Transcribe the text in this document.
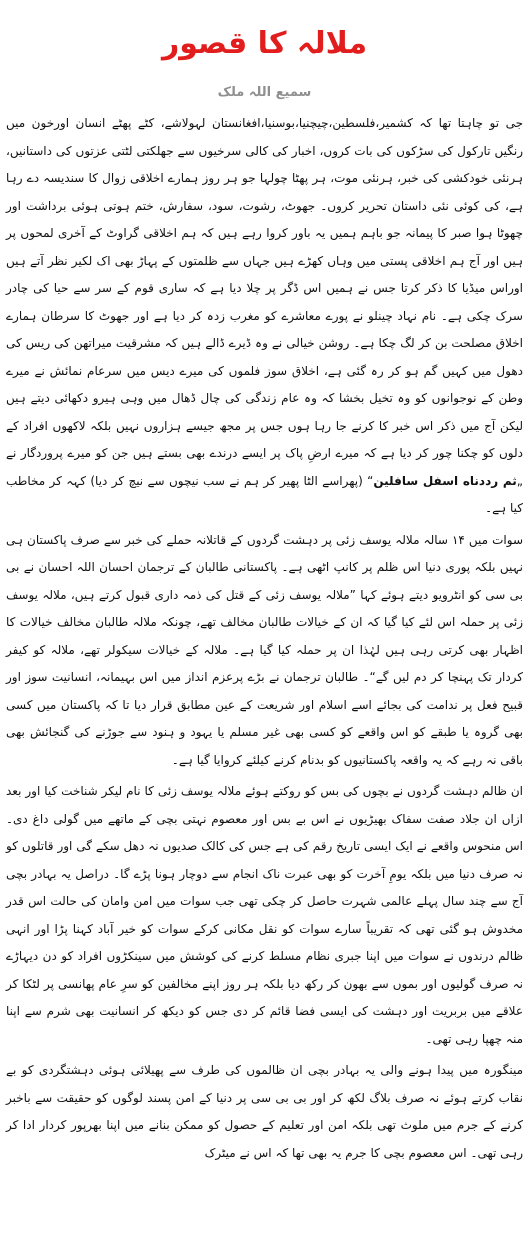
ملالہ کا قصور
سمیع اللہ ملک

جی تو چاہتا تھا کہ کشمیر،فلسطین،چیچنیا،بوسنیا،افغانستان لہولاشے، کٹے پھٹے انسان اورخون میں رنگیں تارکول کی سڑکوں کی بات کروں، اخبار کی کالی سرخیوں سے جھلکتی لٹتی عزتوں کی داستانیں، ہرنئی خودکشی کی خبر، ہرنئی موت، ہر پھٹا چولہا جو ہر روز ہمارے اخلاقی زوال کا سندیسہ دے رہا ہے، کی کوئی نئی داستان تحریر کروں۔ جھوٹ، رشوت، سود، سفارش، ختم ہوتی ہوئی برداشت اور چھوٹا ہوا صبر کا پیمانہ جو باہم ہمیں یہ باور کروا رہے ہیں کہ ہم اخلاقی گراوٹ کے آخری لمحوں پر ہیں اور آج ہم اخلاقی پستی میں وہاں کھڑے ہیں جہاں سے ظلمتوں کے پہاڑ بھی اک لکیر نظر آتے ہیں اوراس میڈیا کا ذکر کرتا جس نے ہمیں اس ڈگر پر چلا دیا ہے کہ ساری قوم کے سر سے حیا کی چادر سرک چکی ہے۔ نام نہاد چینلو نے پورے معاشرے کو مغرب زدہ کر دیا ہے اور جھوٹ کا سرطان ہمارے اخلاق مصلحت بن کر لگ چکا ہے۔ روشن خیالی نے وہ ڈیرے ڈالے ہیں کہ مشرقیت میراتھن کی ریس کی دھول میں کہیں گم ہو کر رہ گئی ہے، اخلاق سوز فلموں کی میرے دیس میں سرعام نمائش نے میرے وطن کے نوجوانوں کو وہ تخیل بخشا کہ وہ عام زندگی کی چال ڈھال میں وہی ہیرو دکھائی دیتے ہیں لیکن آج میں ذکر اس خبر کا کرنے جا رہا ہوں جس پر مجھ جیسے ہزاروں نہیں بلکہ لاکھوں افراد کے دلوں کو چکنا چور کر دیا ہے کہ میرے ارضِ پاک پر ایسے درندے بھی بستے ہیں جن کو میرے پروردگار نے „ثم رددناه اسفل سافلین“ (پھراسے الٹا پھیر کر ہم نے سب نیچوں سے نیچ کر دیا) کہہ کر مخاطب کیا ہے۔

سوات میں ۱۴ سالہ ملالہ یوسف زئی پر دہشت گردوں کے قاتلانہ حملے کی خبر سے صرف پاکستان ہی نہیں بلکہ پوری دنیا اس ظلم پر کانپ اٹھی ہے۔ پاکستانی طالبان کے ترجمان احسان اللہ احسان نے بی بی سی کو انٹرویو دیتے ہوئے کہا ”ملالہ یوسف زئی کے قتل کی ذمہ داری قبول کرتے ہیں، ملالہ یوسف زئی پر حملہ اس لئے کیا گیا کہ ان کے خیالات طالبان مخالف تھے، چونکہ ملالہ طالبان مخالف خیالات کا اظہار بھی کرتی رہی ہیں لہٰذا ان پر حملہ کیا گیا ہے۔ ملالہ کے خیالات سیکولر تھے، ملالہ کو کیفر کردار تک پہنچا کر دم لیں گے“۔ طالبان ترجمان نے بڑے پرعزم انداز میں اس بہیمانہ، انسانیت سوز اور قبیح فعل پر ندامت کی بجائے اسے اسلام اور شریعت کے عین مطابق قرار دیا تا کہ پاکستان میں کسی بھی گروہ یا طبقے کو اس واقعے کو کسی بھی غیر مسلم یا یہود و ہنود سے جوڑنے کی گنجائش بھی باقی نہ رہے کہ یہ واقعہ پاکستانیوں کو بدنام کرنے کیلئے کروایا گیا ہے۔

ان ظالم دہشت گردوں نے بچوں کی بس کو روکتے ہوئے ملالہ یوسف زئی کا نام لیکر شناخت کیا اور بعد ازاں ان جلاد صفت سفاک بھیڑیوں نے اس بے بس اور معصوم نہتی بچی کے ماتھے میں گولی داغ دی۔ اس منحوس واقعے نے ایک ایسی تاریخ رقم کی ہے جس کی کالک صدیوں نہ دھل سکے گی اور قاتلوں کو نہ صرف دنیا میں بلکہ یومِ آخرت کو بھی عبرت ناک انجام سے دوچار ہونا پڑے گا۔ دراصل یہ بہادر بچی آج سے چند سال پہلے عالمی شہرت حاصل کر چکی تھی جب سوات میں امن وامان کی حالت اس قدر مخدوش ہو گئی تھی کہ تقریباً سارے سوات کو نقل مکانی کرکے سوات کو خیر آباد کہنا پڑا اور انہی ظالم درندوں نے سوات میں اپنا جبری نظام مسلط کرنے کی کوشش میں سینکڑوں افراد کو دن دیہاڑے نہ صرف گولیوں اور بموں سے بھون کر رکھ دیا بلکہ ہر روز اپنے مخالفین کو سرِ عام پھانسی پر لٹکا کر علاقے میں بربریت اور دہشت کی ایسی فضا قائم کر دی جس کو دیکھ کر انسانیت بھی شرم سے اپنا منہ چھپا رہی تھی۔

مینگورہ میں پیدا ہونے والی یہ بہادر بچی ان ظالموں کی طرف سے پھیلائی ہوئی دہشتگردی کو بے نقاب کرتے ہوئے نہ صرف بلاگ لکھ کر اور بی بی سی پر دنیا کے امن پسند لوگوں کو حقیقت سے باخبر کرنے کے جرم میں ملوث تھی بلکہ امن اور تعلیم کے حصول کو ممکن بنانے میں اپنا بھرپور کردار ادا کر رہی تھی۔ اس معصوم بچی کا جرم یہ بھی تھا کہ اس نے میٹرک
